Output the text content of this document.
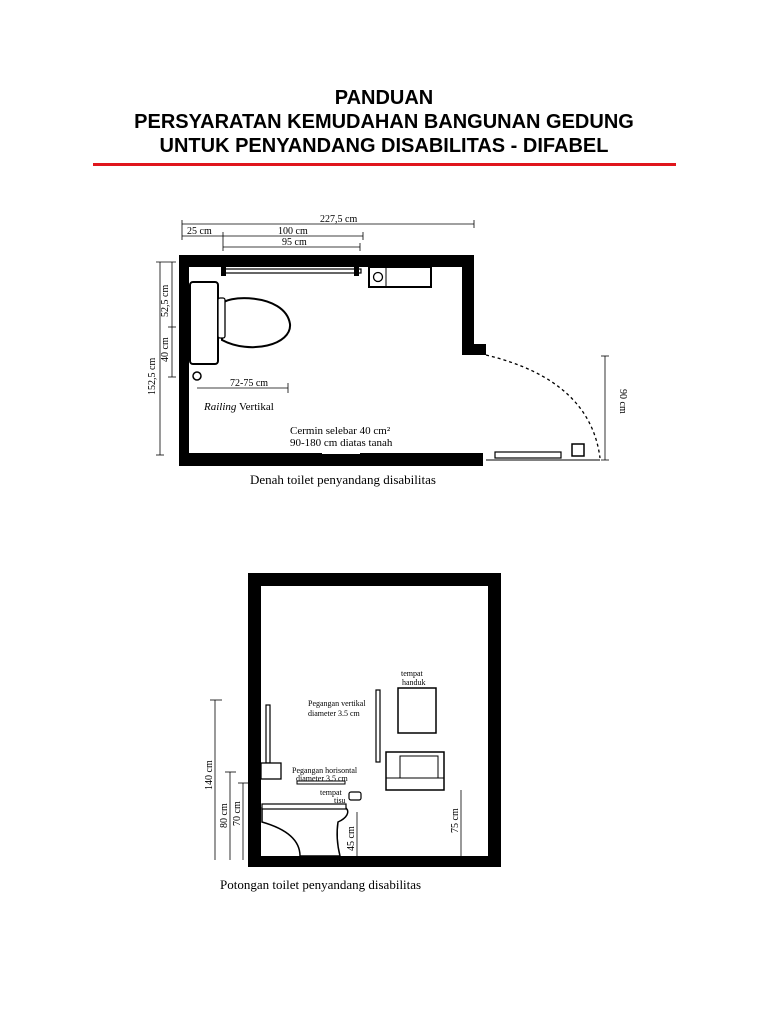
PANDUAN
PERSYARATAN KEMUDAHAN BANGUNAN GEDUNG
UNTUK PENYANDANG DISABILITAS - DIFABEL
227,5 cm
25 cm	100 cm
95 cm
152,5 cm
52,5 cm
40 cm
72-75 cm
90 cm
Railing Vertikal
Cermin selebar 40 cm²
90-180 cm diatas tanah
Denah toilet penyandang disabilitas
140 cm
80 cm 70 cm
45 cm
75 cm
tempat
handuk
Pegangan vertikal
diameter 3.5 cm
Pegangan horisontal
diameter 3.5 cm
tempat
tisu
Potongan toilet penyandang disabilitas
